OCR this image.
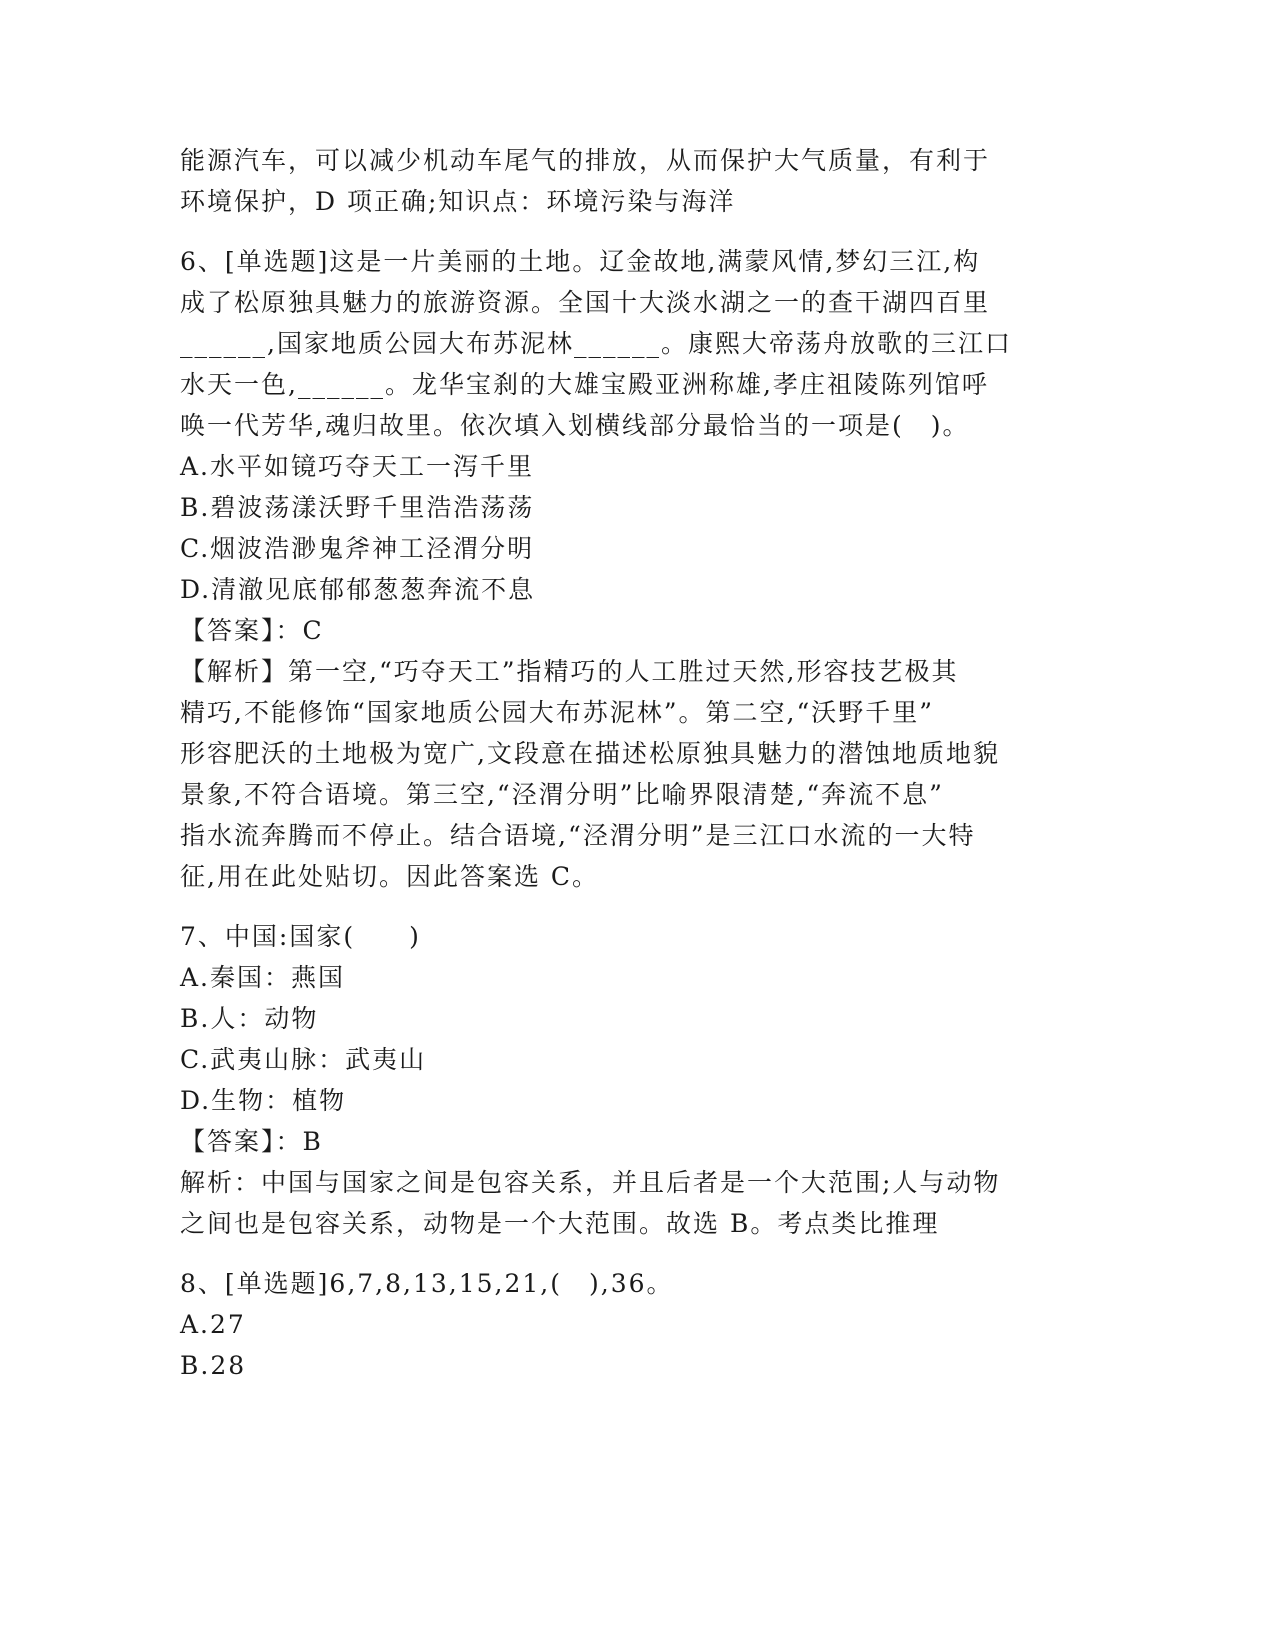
能源汽车，可以减少机动车尾气的排放，从而保护大气质量，有利于
环境保护，D 项正确;知识点：环境污染与海洋
6、[单选题]这是一片美丽的土地。辽金故地,满蒙风情,梦幻三江,构
成了松原独具魅力的旅游资源。全国十大淡水湖之一的查干湖四百里
______,国家地质公园大布苏泥林______。康熙大帝荡舟放歌的三江口
水天一色,______。龙华宝刹的大雄宝殿亚洲称雄,孝庄祖陵陈列馆呼
唤一代芳华,魂归故里。依次填入划横线部分最恰当的一项是(　)。
A.水平如镜巧夺天工一泻千里
B.碧波荡漾沃野千里浩浩荡荡
C.烟波浩渺鬼斧神工泾渭分明
D.清澈见底郁郁葱葱奔流不息
【答案】：C
【解析】第一空,“巧夺天工”指精巧的人工胜过天然,形容技艺极其
精巧,不能修饰“国家地质公园大布苏泥林”。第二空,“沃野千里”
形容肥沃的土地极为宽广,文段意在描述松原独具魅力的潜蚀地质地貌
景象,不符合语境。第三空,“泾渭分明”比喻界限清楚,“奔流不息”
指水流奔腾而不停止。结合语境,“泾渭分明”是三江口水流的一大特
征,用在此处贴切。因此答案选 C。
7、中国:国家(　　)
A.秦国：燕国
B.人：动物
C.武夷山脉：武夷山
D.生物：植物
【答案】：B
解析：中国与国家之间是包容关系，并且后者是一个大范围;人与动物
之间也是包容关系，动物是一个大范围。故选 B。考点类比推理
8、[单选题]6,7,8,13,15,21,(　),36。
A.27
B.28
